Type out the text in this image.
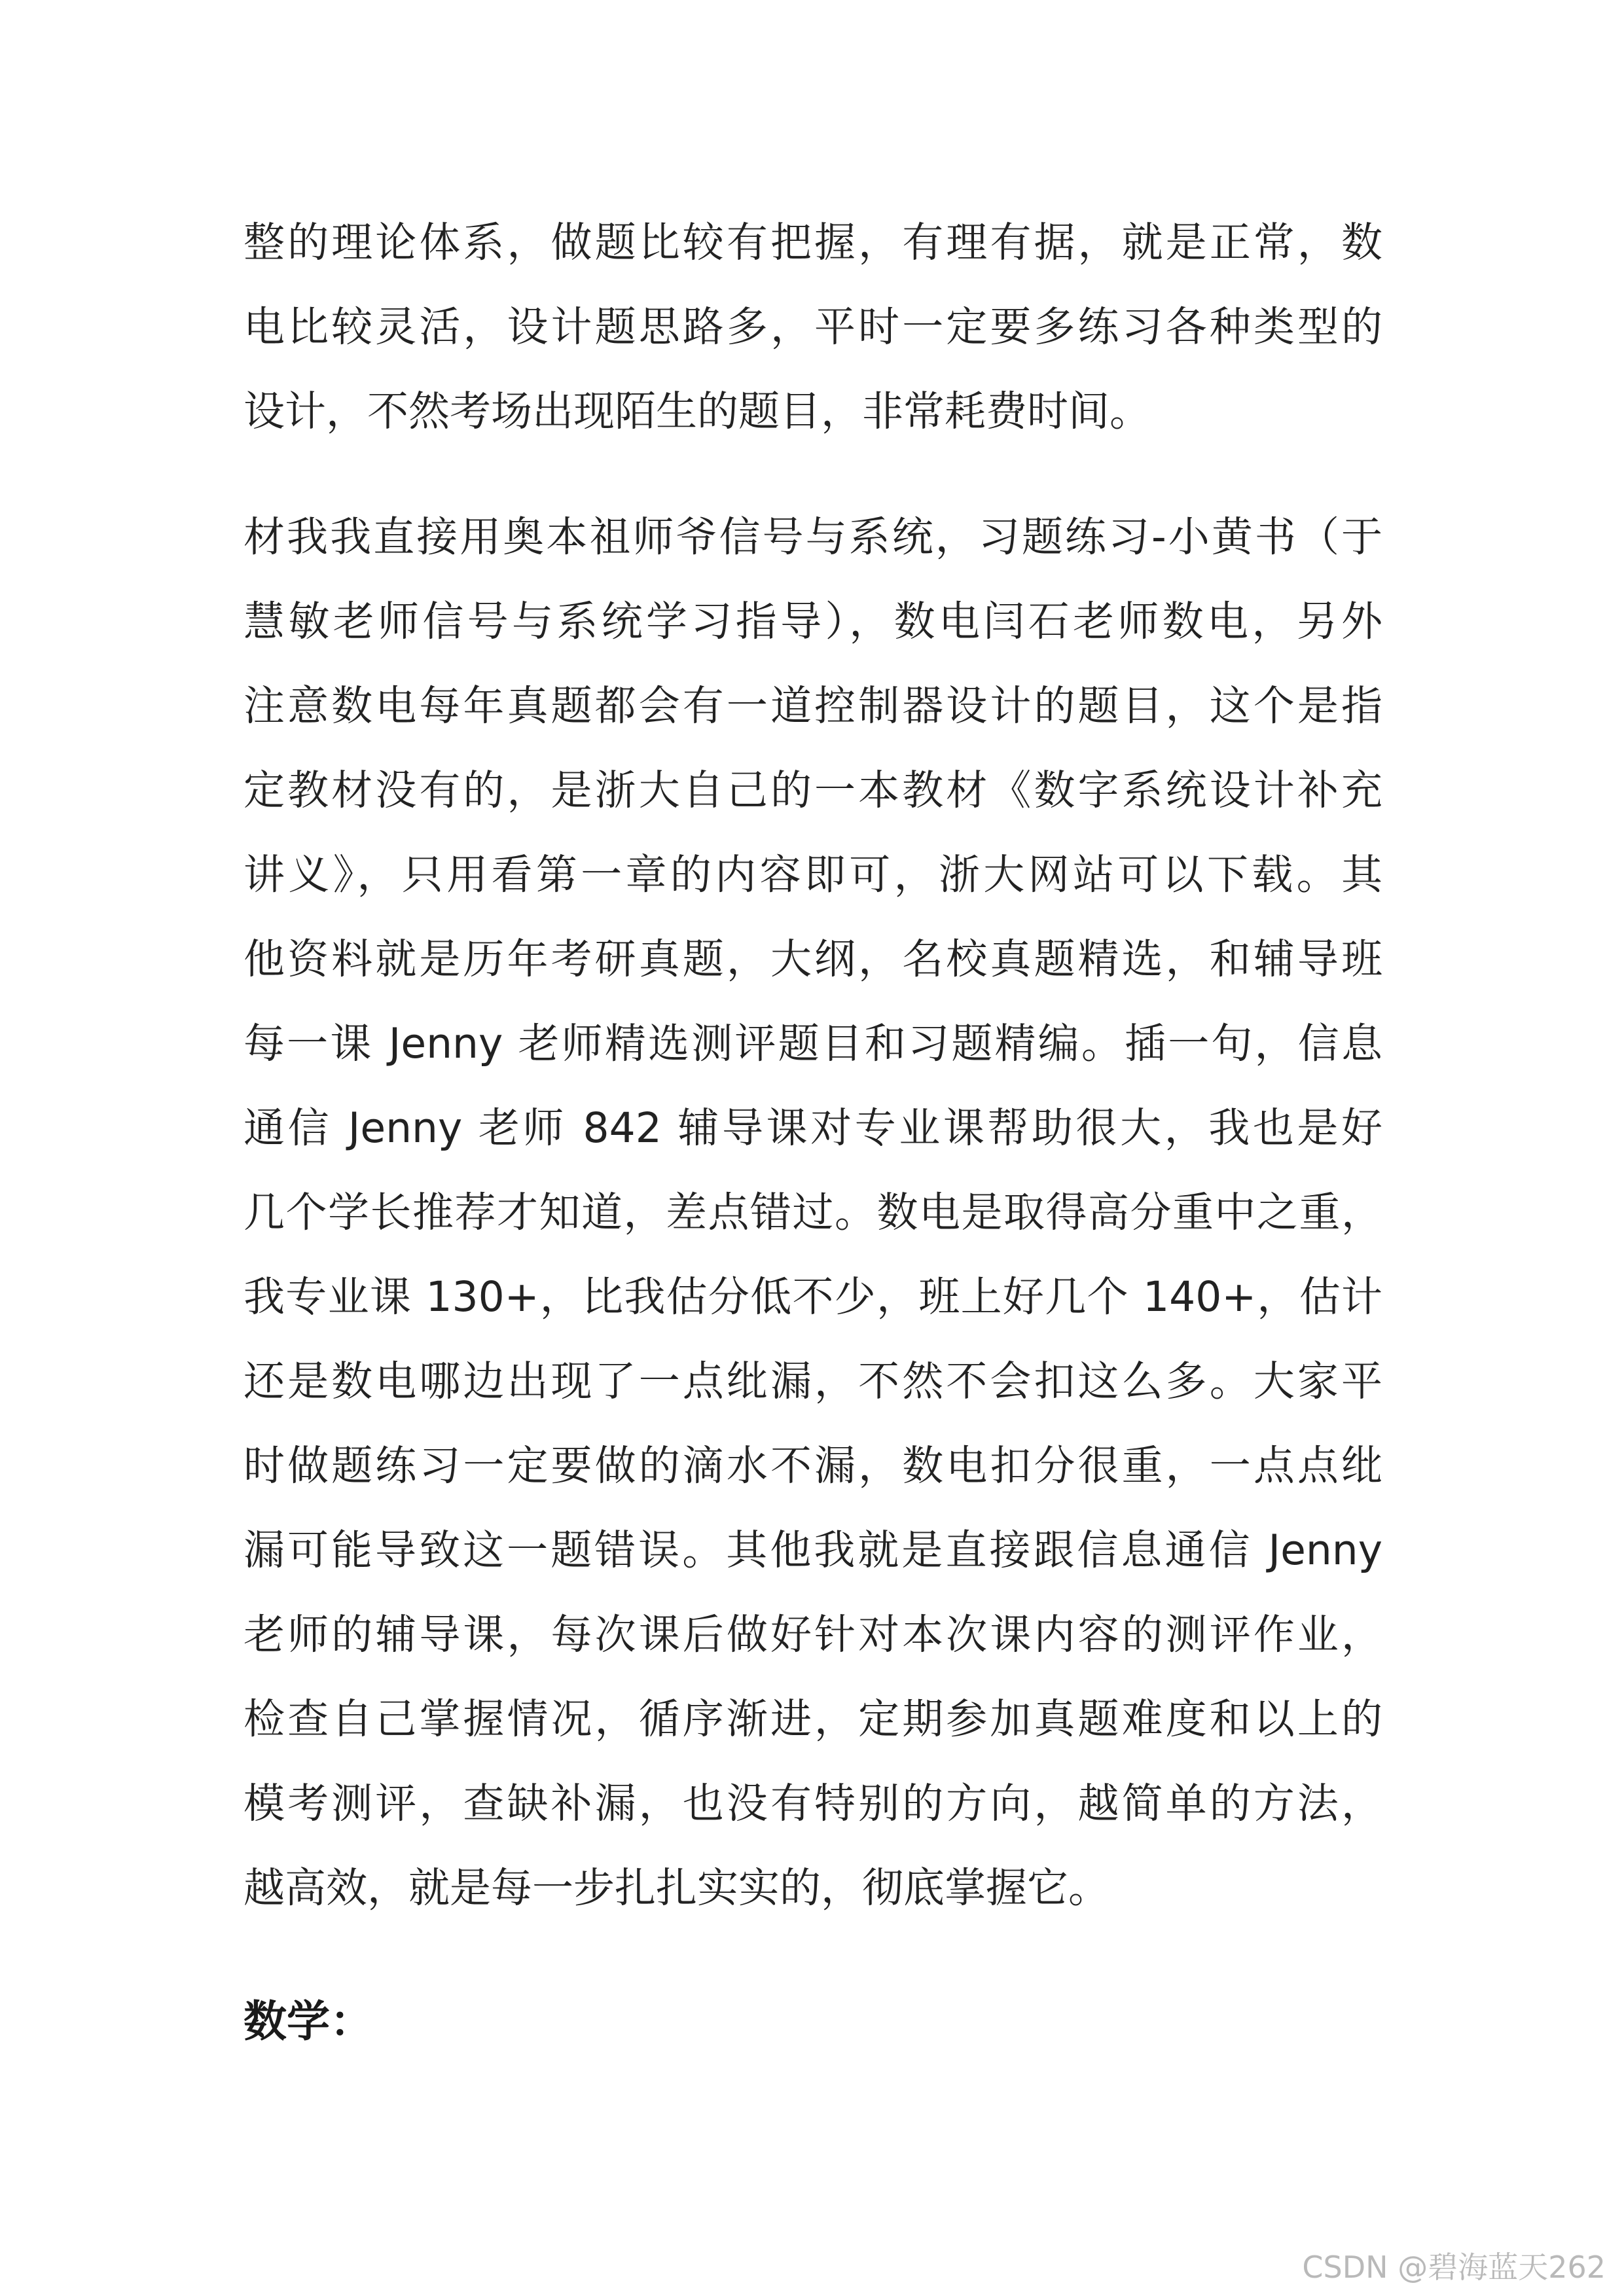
整的理论体系，做题比较有把握，有理有据，就是正常，数
电比较灵活，设计题思路多，平时一定要多练习各种类型的
设计，不然考场出现陌生的题目，非常耗费时间。
材我我直接用奥本祖师爷信号与系统，习题练习-小黄书（于
慧敏老师信号与系统学习指导），数电闫石老师数电，另外
注意数电每年真题都会有一道控制器设计的题目，这个是指
定教材没有的，是浙大自己的一本教材《数字系统设计补充
讲义》，只用看第一章的内容即可，浙大网站可以下载。其
他资料就是历年考研真题，大纲，名校真题精选，和辅导班
每一课 Jenny 老师精选测评题目和习题精编。插一句，信息
通信 Jenny 老师 842 辅导课对专业课帮助很大，我也是好
几个学长推荐才知道，差点错过。数电是取得高分重中之重，
我专业课 130+，比我估分低不少，班上好几个 140+，估计
还是数电哪边出现了一点纰漏，不然不会扣这么多。大家平
时做题练习一定要做的滴水不漏，数电扣分很重，一点点纰
漏可能导致这一题错误。其他我就是直接跟信息通信 Jenny
老师的辅导课，每次课后做好针对本次课内容的测评作业，
检查自己掌握情况，循序渐进，定期参加真题难度和以上的
模考测评，查缺补漏，也没有特别的方向，越简单的方法，
越高效，就是每一步扎扎实实的，彻底掌握它。
数学：
CSDN @碧海蓝天262
